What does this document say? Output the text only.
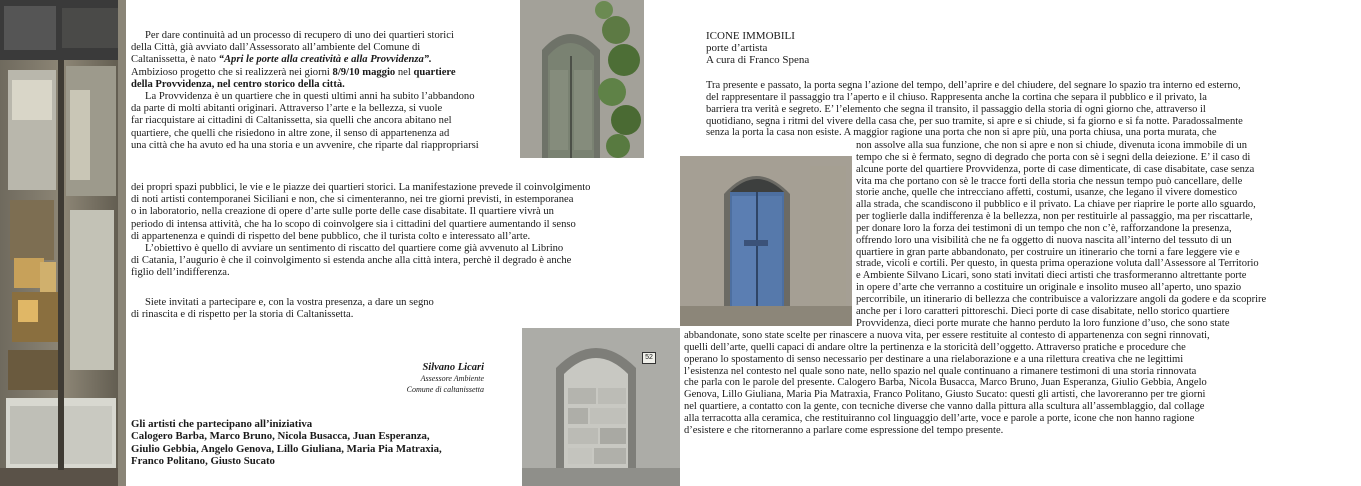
52

Per dare continuità ad un processo di recupero di uno dei quartieri storici

della Città, già avviato dall’Assessorato all’ambiente del Comune di

Caltanissetta, è nato “Apri le porte alla creatività e alla Provvidenza”.

Ambizioso progetto che si realizzerà nei giorni 8/9/10 maggio nel quartiere

della Provvidenza, nel centro storico della città.

La Provvidenza è un quartiere che in questi ultimi anni ha subito l’abbandono

da parte di molti abitanti originari. Attraverso l’arte e la bellezza, si vuole

far riacquistare ai cittadini di Caltanissetta, sia quelli che ancora abitano nel

quartiere, che quelli che risiedono in altre zone, il senso di appartenenza ad

una città che ha avuto ed ha una storia e un avvenire, che riparte dal riappropriarsi

dei propri spazi pubblici, le vie e le piazze dei quartieri storici. La manifestazione prevede il coinvolgimento

di noti artisti contemporanei Siciliani e non, che si cimenteranno, nei tre giorni previsti, in estemporanea

o in laboratorio, nella creazione di opere d’arte sulle porte delle case disabitate. Il quartiere vivrà un

periodo di intensa attività, che ha lo scopo di coinvolgere sia i cittadini del quartiere aumentando il senso

di appartenenza e quindi di rispetto del bene pubblico, che il turista colto e interessato all’arte.

L’obiettivo è quello di avviare un sentimento di riscatto del quartiere come già avvenuto al Librino

di Catania, l’augurio è che il coinvolgimento si estenda anche alla città intera, perchè il degrado è anche

figlio dell’indifferenza.

Siete invitati a partecipare e, con la vostra presenza, a dare un segno

di rinascita e di rispetto per la storia di Caltanissetta.

Silvano Licari
Assessore Ambiente
Comune di caltanissetta
Gli artisti che partecipano all’iniziativa
Calogero Barba, Marco Bruno, Nicola Busacca, Juan Esperanza,
Giulio Gebbia, Angelo Genova, Lillo Giuliana, Maria Pia Matraxia,
Franco Politano, Giusto Sucato
ICONE IMMOBILI
porte d’artista
A cura di Franco Spena
Tra presente e passato, la porta segna l’azione del tempo, dell’aprire e del chiudere, del segnare lo spazio tra interno ed esterno,
del rappresentare il passaggio tra l’aperto e il chiuso. Rappresenta anche la cortina che separa il pubblico e il privato, la
barriera tra verità e segreto. E’ l’elemento che segna il transito, il passaggio della storia di ogni giorno che, attraverso il
quotidiano, segna i ritmi del vivere della casa che, per suo tramite, si apre e si chiude, si fa giorno e si fa notte. Paradossalmente
senza la porta la casa non esiste. A maggior ragione una porta che non si apre più, una porta chiusa, una porta murata, che
non assolve alla sua funzione, che non si apre e non si chiude, divenuta icona immobile di un
tempo che si è fermato, segno di degrado che porta con sè i segni della deiezione. E’ il caso di
alcune porte del quartiere Provvidenza, porte di case dimenticate, di case disabitate, case senza
vita ma che portano con sè le tracce forti della storia che nessun tempo può cancellare, delle
storie anche, quelle che intrecciano affetti, costumi, usanze, che legano il vivere domestico
alla strada, che scandiscono il pubblico e il privato. La chiave per riaprire le porte allo sguardo,
per toglierle dalla indifferenza è la bellezza, non per restituirle al passaggio, ma per riscattarle,
per donare loro la forza dei testimoni di un tempo che non c’è, rafforzandone la presenza,
offrendo loro una visibilità che ne fa oggetto di nuova nascita all’interno del tessuto di un
quartiere in gran parte abbandonato, per costruire un itinerario che torni a fare leggere vie e
strade, vicoli e cortili. Per questo, in questa prima operazione voluta dall’Assessore al Territorio
e Ambiente Silvano Licari, sono stati invitati dieci artisti che trasformeranno altrettante porte
in opere d’arte che verranno a costituire un originale e insolito museo all’aperto, uno spazio
percorribile, un itinerario di bellezza che contribuisce a valorizzare angoli da godere e da scoprire
anche per i loro caratteri pittoreschi. Dieci porte di case disabitate, nello storico quartiere
Provvidenza, dieci porte murate che hanno perduto la loro funzione d’uso, che sono state
abbandonate, sono state scelte per rinascere a nuova vita, per essere restituite al contesto di appartenenza con segni rinnovati,
quelli dell’arte, quelli capaci di andare oltre la pertinenza e la storicità dell’oggetto. Attraverso pratiche e procedure che
operano lo spostamento di senso necessario per destinare a una rielaborazione e a una rilettura creativa che ne legittimi
l’esistenza nel contesto nel quale sono nate, nello spazio nel quale continuano a rimanere testimoni di una storia rinnovata
che parla con le parole del presente. Calogero Barba, Nicola Busacca, Marco Bruno, Juan Esperanza, Giulio Gebbia, Angelo
Genova, Lillo Giuliana, Maria Pia Matraxia, Franco Politano, Giusto Sucato: questi gli artisti, che lavoreranno per tre giorni
nel quartiere, a contatto con la gente, con tecniche diverse che vanno dalla pittura alla scultura all’assemblaggio, dal collage
alla terracotta alla ceramica, che restituiranno col linguaggio dell’arte, voce e parole a porte, icone che non hanno ragione
d’esistere e che ritorneranno a parlare come espressione del tempo presente.
